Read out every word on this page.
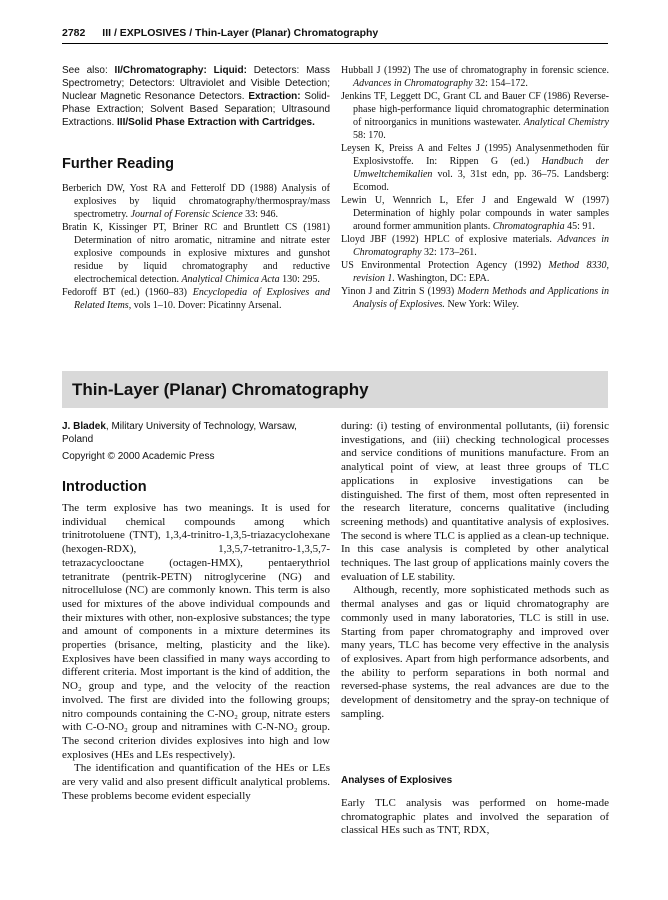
2782 III / EXPLOSIVES / Thin-Layer (Planar) Chromatography
See also: II/Chromatography: Liquid: Detectors: Mass Spectrometry; Detectors: Ultraviolet and Visible Detection; Nuclear Magnetic Resonance Detectors. Extraction: Solid-Phase Extraction; Solvent Based Separation; Ultrasound Extractions. III/Solid Phase Extraction with Cartridges.
Further Reading

Berberich DW, Yost RA and Fetterolf DD (1988) Analysis of explosives by liquid chromatography/thermospray/mass spectrometry. Journal of Forensic Science 33: 946.

Bratin K, Kissinger PT, Briner RC and Bruntlett CS (1981) Determination of nitro aromatic, nitramine and nitrate ester explosive compounds in explosive mixtures and gunshot residue by liquid chromatography and reductive electrochemical detection. Analytical Chimica Acta 130: 295.

Fedoroff BT (ed.) (1960–83) Encyclopedia of Explosives and Related Items, vols 1–10. Dover: Picatinny Arsenal.

Hubball J (1992) The use of chromatography in forensic science. Advances in Chromatography 32: 154–172.

Jenkins TF, Leggett DC, Grant CL and Bauer CF (1986) Reverse-phase high-performance liquid chromatographic determination of nitroorganics in munitions wastewater. Analytical Chemistry 58: 170.

Leysen K, Preiss A and Feltes J (1995) Analysenmethoden für Explosivstoffe. In: Rippen G (ed.) Handbuch der Umweltchemikalien vol. 3, 31st edn, pp. 36–75. Landsberg: Ecomod.

Lewin U, Wennrich L, Efer J and Engewald W (1997) Determination of highly polar compounds in water samples around former ammunition plants. Chromatographia 45: 91.

Lloyd JBF (1992) HPLC of explosive materials. Advances in Chromatography 32: 173–261.

US Environmental Protection Agency (1992) Method 8330, revision 1. Washington, DC: EPA.

Yinon J and Zitrin S (1993) Modern Methods and Applications in Analysis of Explosives. New York: Wiley.

Thin-Layer (Planar) Chromatography
J. Bladek, Military University of Technology, Warsaw, Poland
Copyright © 2000 Academic Press
Introduction

The term explosive has two meanings. It is used for individual chemical compounds among which trinitrotoluene (TNT), 1,3,4-trinitro-1,3,5-triazacyclohexane (hexogen-RDX), 1,3,5,7-tetranitro-1,3,5,7-tetrazacyclooctane (octagen-HMX), pentaerythriol tetranitrate (pentrik-PETN) nitroglycerine (NG) and nitrocellulose (NC) are commonly known. This term is also used for mixtures of the above individual compounds and their mixtures with other, non-explosive substances; the type and amount of components in a mixture determines its properties (brisance, melting, plasticity and the like). Explosives have been classified in many ways according to different criteria. Most important is the kind of addition, the NO₂ group and type, and the velocity of the reaction involved. The first are divided into the following groups; nitro compounds containing the C-NO₂ group, nitrate esters with C-O-NO₂ group and nitramines with C-N-NO₂ group. The second criterion divides explosives into high and low explosives (HEs and LEs respectively).

The identification and quantification of the HEs or LEs are very valid and also present difficult analytical problems. These problems become evident especially

during: (i) testing of environmental pollutants, (ii) forensic investigations, and (iii) checking technological processes and service conditions of munitions manufacture. From an analytical point of view, at least three groups of TLC applications in explosive investigations can be distinguished. The first of them, most often represented in the research literature, concerns qualitative (including screening methods) and quantitative analysis of explosives. The second is where TLC is applied as a clean-up technique. In this case analysis is completed by other analytical techniques. The last group of applications mainly covers the evaluation of LE stability.

Although, recently, more sophisticated methods such as thermal analyses and gas or liquid chromatography are commonly used in many laboratories, TLC is still in use. Starting from paper chromatography and improved over many years, TLC has become very effective in the analysis of explosives. Apart from high performance adsorbents, and the ability to perform separations in both normal and reversed-phase systems, the real advances are due to the development of densitometry and the spray-on technique of sampling.

Analyses of Explosives

Early TLC analysis was performed on home-made chromatographic plates and involved the separation of classical HEs such as TNT, RDX,
